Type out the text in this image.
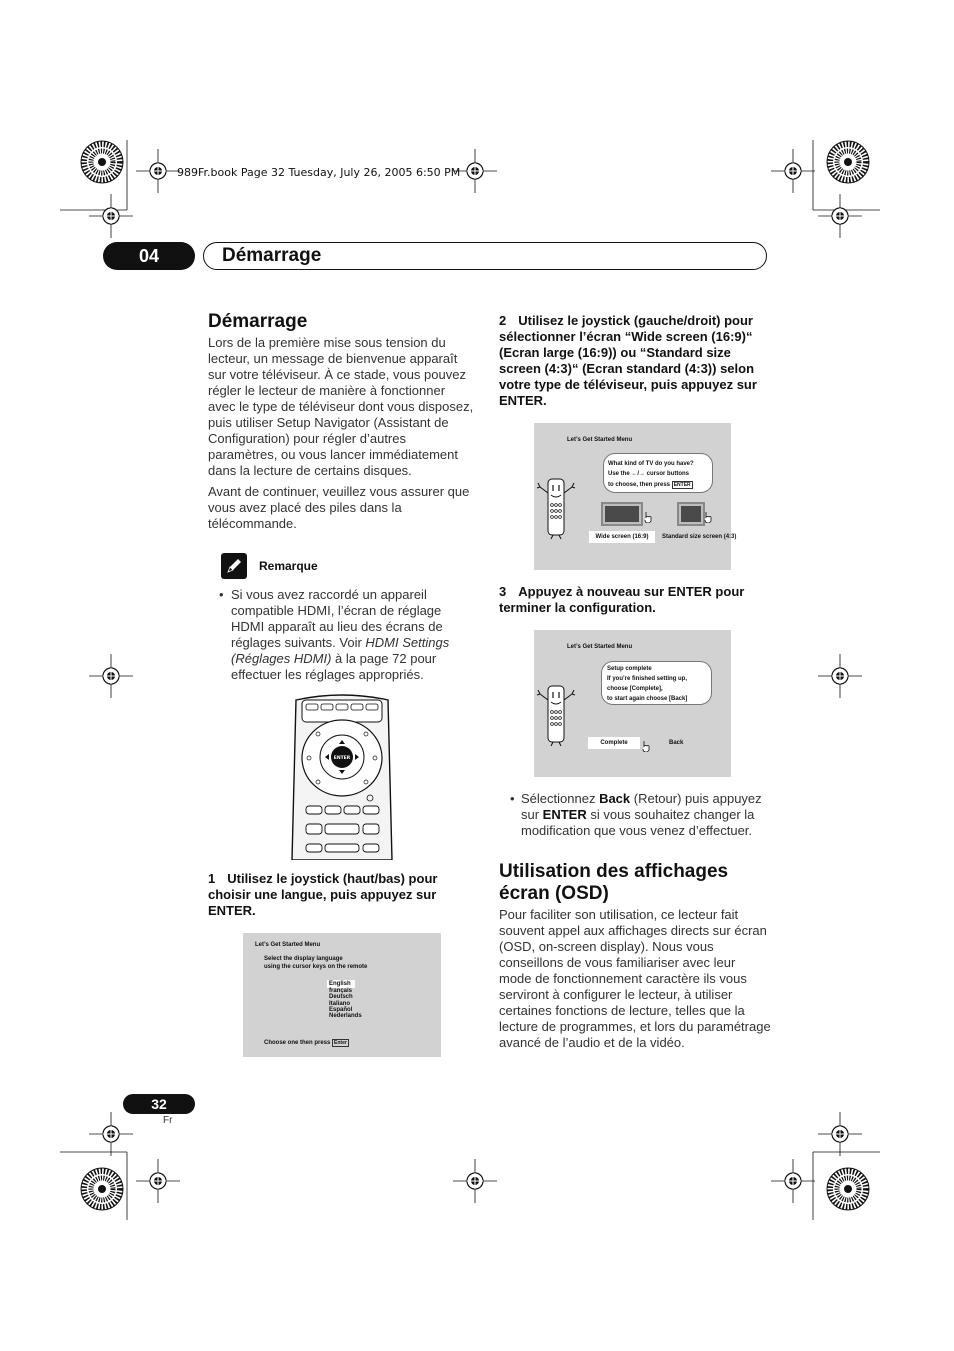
989Fr.book Page 32 Tuesday, July 26, 2005 6:50 PM
04	Démarrage
Démarrage
Lors de la première mise sous tension du lecteur, un message de bienvenue apparaît sur votre téléviseur. À ce stade, vous pouvez régler le lecteur de manière à fonctionner avec le type de téléviseur dont vous disposez, puis utiliser Setup Navigator (Assistant de Configuration) pour régler d’autres paramètres, ou vous lancer immédiatement dans la lecture de certains disques.
Avant de continuer, veuillez vous assurer que vous avez placé des piles dans la télécommande.
Remarque
• Si vous avez raccordé un appareil compatible HDMI, l’écran de réglage HDMI apparaît au lieu des écrans de réglages suivants. Voir HDMI Settings (Réglages HDMI) à la page 72 pour effectuer les réglages appropriés.
ENTER
1 Utilisez le joystick (haut/bas) pour choisir une langue, puis appuyez sur ENTER.
Let’s Get Started Menu
Select the display language
using the cursor keys on the remote
English
français
Deutsch
Italiano
Español
Nederlands
Choose one then press Enter
2 Utilisez le joystick (gauche/droit) pour sélectionner l’écran “Wide screen (16:9)“ (Ecran large (16:9)) ou “Standard size screen (4:3)“ (Ecran standard (4:3)) selon votre type de téléviseur, puis appuyez sur ENTER.
Let’s Get Started Menu
What kind of TV do you have?
Use the ←/→ cursor buttons
to choose, then press ENTER
Wide screen (16:9)	Standard size screen (4:3)
3 Appuyez à nouveau sur ENTER pour terminer la configuration.
Let’s Get Started Menu
Setup complete
If you’re finished setting up,
choose [Complete],
to start again choose [Back]
Complete	Back
• Sélectionnez Back (Retour) puis appuyez sur ENTER si vous souhaitez changer la modification que vous venez d’effectuer.
Utilisation des affichages écran (OSD)
Pour faciliter son utilisation, ce lecteur fait souvent appel aux affichages directs sur écran (OSD, on-screen display). Nous vous conseillons de vous familiariser avec leur mode de fonctionnement caractère ils vous serviront à configurer le lecteur, à utiliser certaines fonctions de lecture, telles que la lecture de programmes, et lors du paramétrage avancé de l’audio et de la vidéo.
32
Fr
